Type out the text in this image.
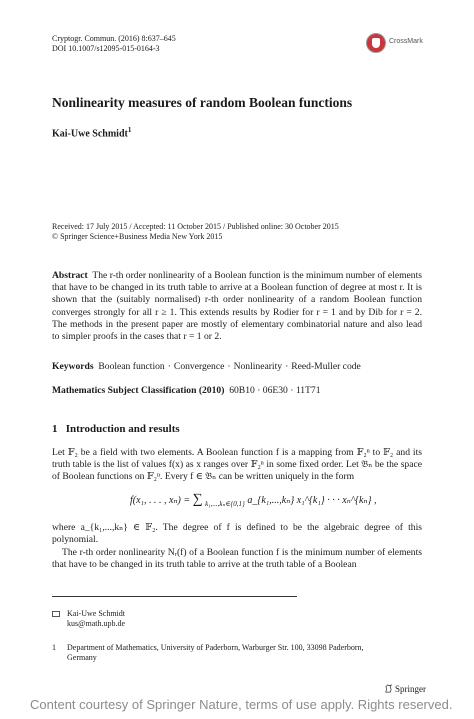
Cryptogr. Commun. (2016) 8:637–645
DOI 10.1007/s12095-015-0164-3
CrossMark
Nonlinearity measures of random Boolean functions
Kai-Uwe Schmidt$^1$
Received: 17 July 2015 / Accepted: 11 October 2015 / Published online: 30 October 2015
© Springer Science+Business Media New York 2015
Abstract The r-th order nonlinearity of a Boolean function is the minimum number of elements that have to be changed in its truth table to arrive at a Boolean function of degree at most r. It is shown that the (suitably normalised) r-th order nonlinearity of a random Boolean function converges strongly for all r ≥ 1. This extends results by Rodier for r = 1 and by Dib for r = 2. The methods in the present paper are mostly of elementary combinatorial nature and also lead to simpler proofs in the cases that r = 1 or 2.
Keywords Boolean function · Convergence · Nonlinearity · Reed-Muller code
Mathematics Subject Classification (2010) 60B10 · 06E30 · 11T71
1 Introduction and results
Let 𝔽₂ be a field with two elements. A Boolean function f is a mapping from 𝔽₂ⁿ to 𝔽₂ and its truth table is the list of values f(x) as x ranges over 𝔽₂ⁿ in some fixed order. Let 𝔅ₙ be the space of Boolean functions on 𝔽₂ⁿ. Every f ∈ 𝔅ₙ can be written uniquely in the form
f(x₁, . . . , xₙ) = ∑ $_{k_1,...,k_n\in\{0,1\}}$ a_{k₁,...,kₙ} x₁^{k₁} · · · xₙ^{kₙ} ,
where a_{k₁,...,kₙ} ∈ 𝔽₂. The degree of f is defined to be the algebraic degree of this polynomial.
The r-th order nonlinearity Nᵣ(f) of a Boolean function f is the minimum number of elements that have to be changed in its truth table to arrive at the truth table of a Boolean
Kai-Uwe Schmidt
kus@math.upb.de
1 Department of Mathematics, University of Paderborn, Warburger Str. 100, 33098 Paderborn,
Germany
Springer
Content courtesy of Springer Nature, terms of use apply. Rights reserved.
